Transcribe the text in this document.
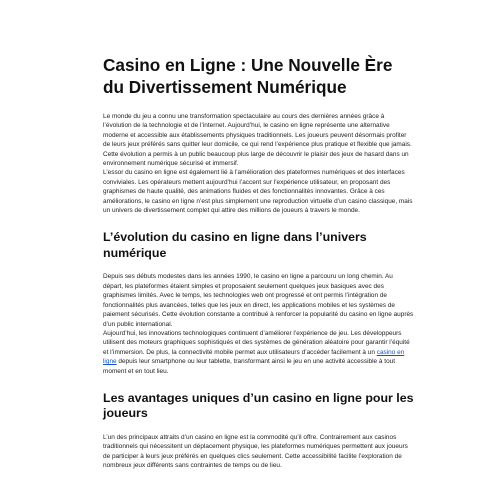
Casino en Ligne : Une Nouvelle Ère du Divertissement Numérique

Le monde du jeu a connu une transformation spectaculaire au cours des dernières années grâce à l’évolution de la technologie et de l’internet. Aujourd’hui, le casino en ligne représente une alternative moderne et accessible aux établissements physiques traditionnels. Les joueurs peuvent désormais profiter de leurs jeux préférés sans quitter leur domicile, ce qui rend l’expérience plus pratique et flexible que jamais. Cette évolution a permis à un public beaucoup plus large de découvrir le plaisir des jeux de hasard dans un environnement numérique sécurisé et immersif.

L’essor du casino en ligne est également lié à l’amélioration des plateformes numériques et des interfaces conviviales. Les opérateurs mettent aujourd’hui l’accent sur l’expérience utilisateur, en proposant des graphismes de haute qualité, des animations fluides et des fonctionnalités innovantes. Grâce à ces améliorations, le casino en ligne n’est plus simplement une reproduction virtuelle d’un casino classique, mais un univers de divertissement complet qui attire des millions de joueurs à travers le monde.

L’évolution du casino en ligne dans l’univers numérique

Depuis ses débuts modestes dans les années 1990, le casino en ligne a parcouru un long chemin. Au départ, les plateformes étaient simples et proposaient seulement quelques jeux basiques avec des graphismes limités. Avec le temps, les technologies web ont progressé et ont permis l’intégration de fonctionnalités plus avancées, telles que les jeux en direct, les applications mobiles et les systèmes de paiement sécurisés. Cette évolution constante a contribué à renforcer la popularité du casino en ligne auprès d’un public international.

Aujourd’hui, les innovations technologiques continuent d’améliorer l’expérience de jeu. Les développeurs utilisent des moteurs graphiques sophistiqués et des systèmes de génération aléatoire pour garantir l’équité et l’immersion. De plus, la connectivité mobile permet aux utilisateurs d’accéder facilement à un casino en ligne depuis leur smartphone ou leur tablette, transformant ainsi le jeu en une activité accessible à tout moment et en tout lieu.

Les avantages uniques d’un casino en ligne pour les joueurs

L’un des principaux attraits d’un casino en ligne est la commodité qu’il offre. Contrairement aux casinos traditionnels qui nécessitent un déplacement physique, les plateformes numériques permettent aux joueurs de participer à leurs jeux préférés en quelques clics seulement. Cette accessibilité facilite l’exploration de nombreux jeux différents sans contraintes de temps ou de lieu.
